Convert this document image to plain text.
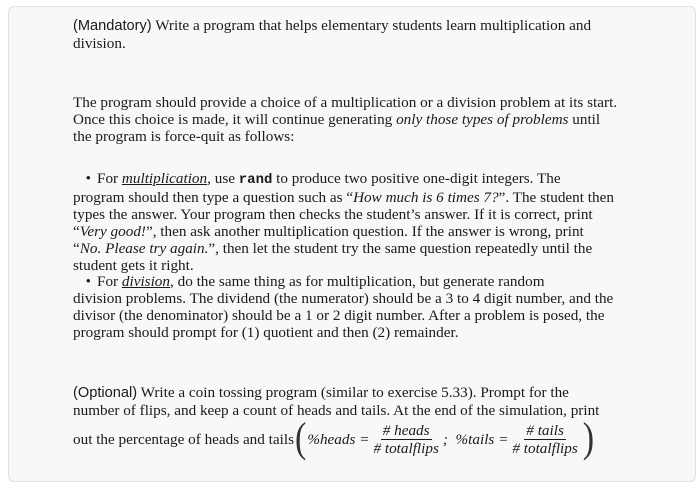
(Mandatory) Write a program that helps elementary students learn multiplication and
division.
The program should provide a choice of a multiplication or a division problem at its start.
Once this choice is made, it will continue generating only those types of problems until
the program is force-quit as follows:
• For multiplication, use rand to produce two positive one-digit integers. The
program should then type a question such as “How much is 6 times 7?”. The student then
types the answer. Your program then checks the student’s answer. If it is correct, print
“Very good!”, then ask another multiplication question. If the answer is wrong, print
“No. Please try again.”, then let the student try the same question repeatedly until the
student gets it right.
• For division, do the same thing as for multiplication, but generate random
division problems. The dividend (the numerator) should be a 3 to 4 digit number, and the
divisor (the denominator) should be a 1 or 2 digit number. After a problem is posed, the
program should prompt for (1) quotient and then (2) remainder.
(Optional) Write a coin tossing program (similar to exercise 5.33). Prompt for the
number of flips, and keep a count of heads and tails. At the end of the simulation, print
out the percentage of heads and tails ( %heads = $\frac{\text{\# heads}}{\text{\# totalflips}}$ ;  %tails = $\frac{\text{\# tails}}{\text{\# totalflips}}$ )
